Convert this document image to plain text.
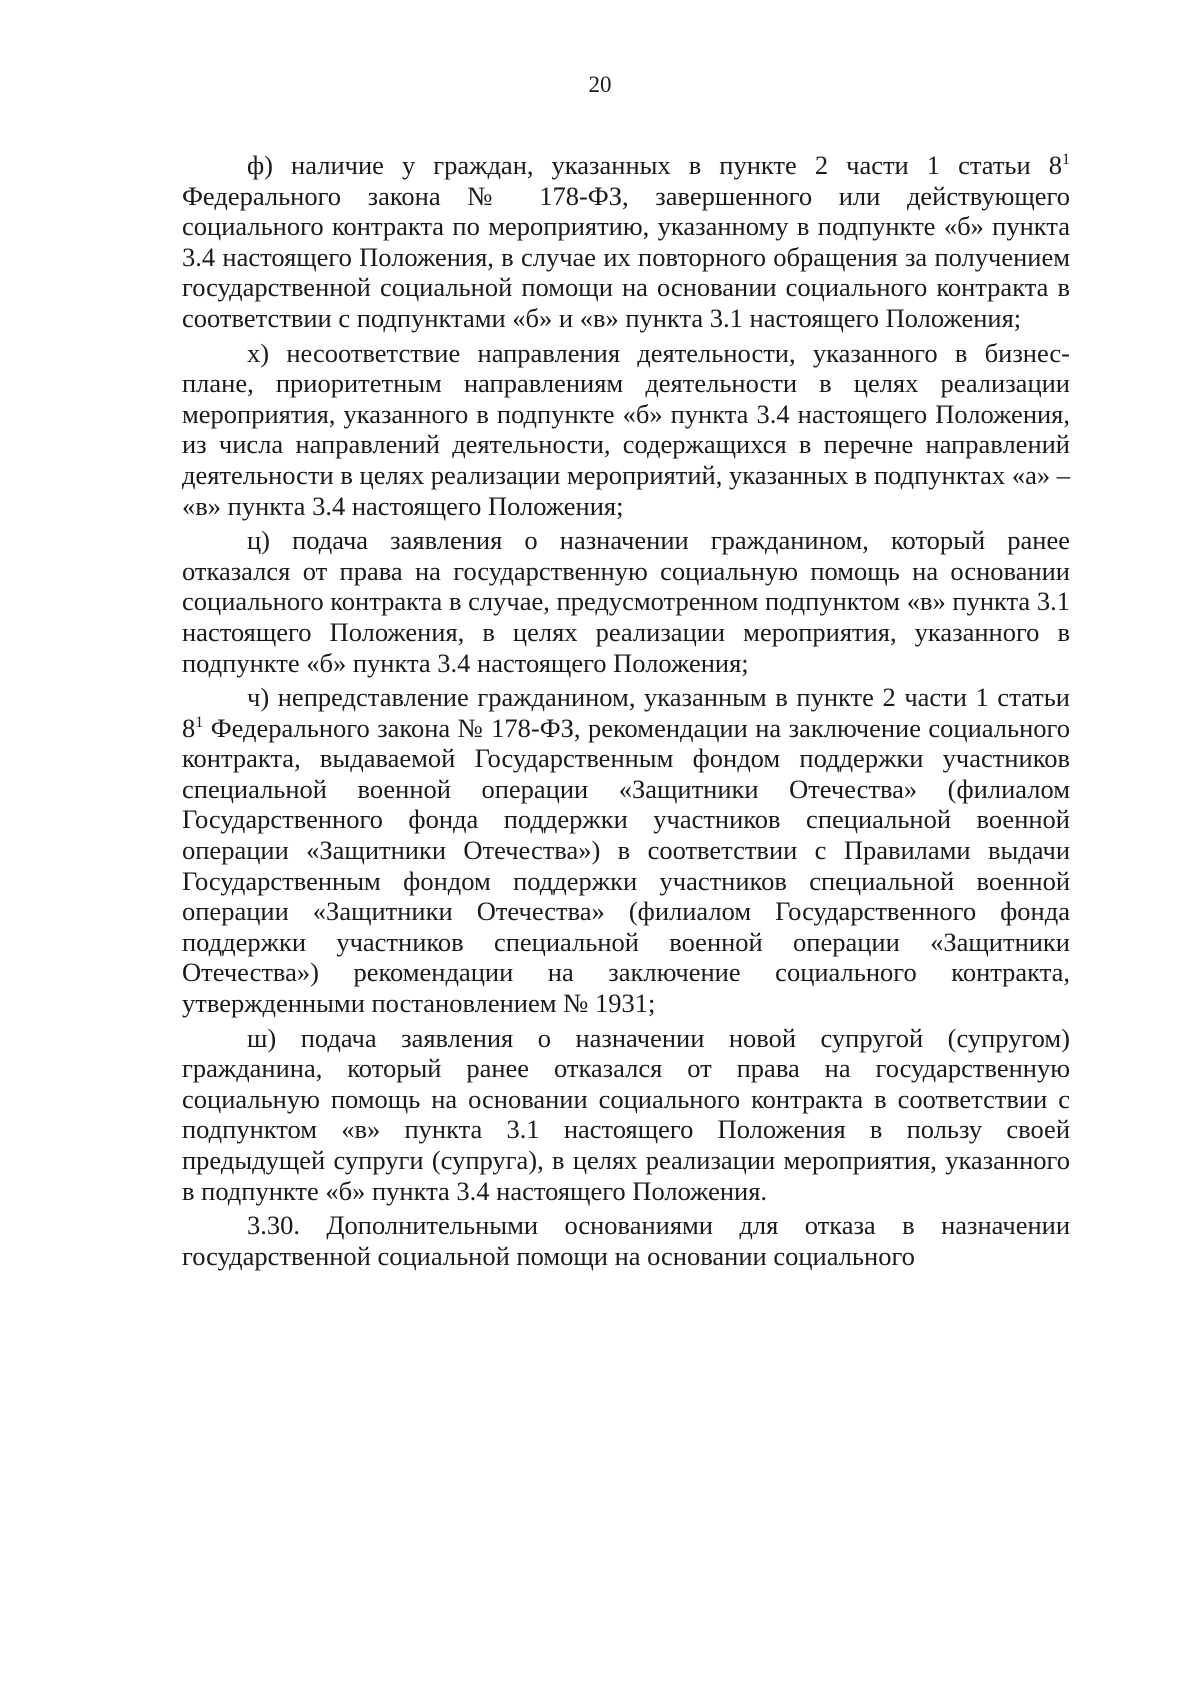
20

ф) наличие у граждан, указанных в пункте 2 части 1 статьи $8^1$ Федерального закона № 178-ФЗ, завершенного или действующего социального контракта по мероприятию, указанному в подпункте «б» пункта 3.4 настоящего Положения, в случае их повторного обращения за получением государственной социальной помощи на основании социального контракта в соответствии с подпунктами «б» и «в» пункта 3.1 настоящего Положения;

х) несоответствие направления деятельности, указанного в бизнес-плане, приоритетным направлениям деятельности в целях реализации мероприятия, указанного в подпункте «б» пункта 3.4 настоящего Положения, из числа направлений деятельности, содержащихся в перечне направлений деятельности в целях реализации мероприятий, указанных в подпунктах «а» – «в» пункта 3.4 настоящего Положения;

ц) подача заявления о назначении гражданином, который ранее отказался от права на государственную социальную помощь на основании социального контракта в случае, предусмотренном подпунктом «в» пункта 3.1 настоящего Положения, в целях реализации мероприятия, указанного в подпункте «б» пункта 3.4 настоящего Положения;

ч) непредставление гражданином, указанным в пункте 2 части 1 статьи $8^1$ Федерального закона № 178-ФЗ, рекомендации на заключение социального контракта, выдаваемой Государственным фондом поддержки участников специальной военной операции «Защитники Отечества» (филиалом Государственного фонда поддержки участников специальной военной операции «Защитники Отечества») в соответствии с Правилами выдачи Государственным фондом поддержки участников специальной военной операции «Защитники Отечества» (филиалом Государственного фонда поддержки участников специальной военной операции «Защитники Отечества») рекомендации на заключение социального контракта, утвержденными постановлением № 1931;

ш) подача заявления о назначении новой супругой (супругом) гражданина, который ранее отказался от права на государственную социальную помощь на основании социального контракта в соответствии с подпунктом «в» пункта 3.1 настоящего Положения в пользу своей предыдущей супруги (супруга), в целях реализации мероприятия, указанного в подпункте «б» пункта 3.4 настоящего Положения.

3.30. Дополнительными основаниями для отказа в назначении государственной социальной помощи на основании социального
